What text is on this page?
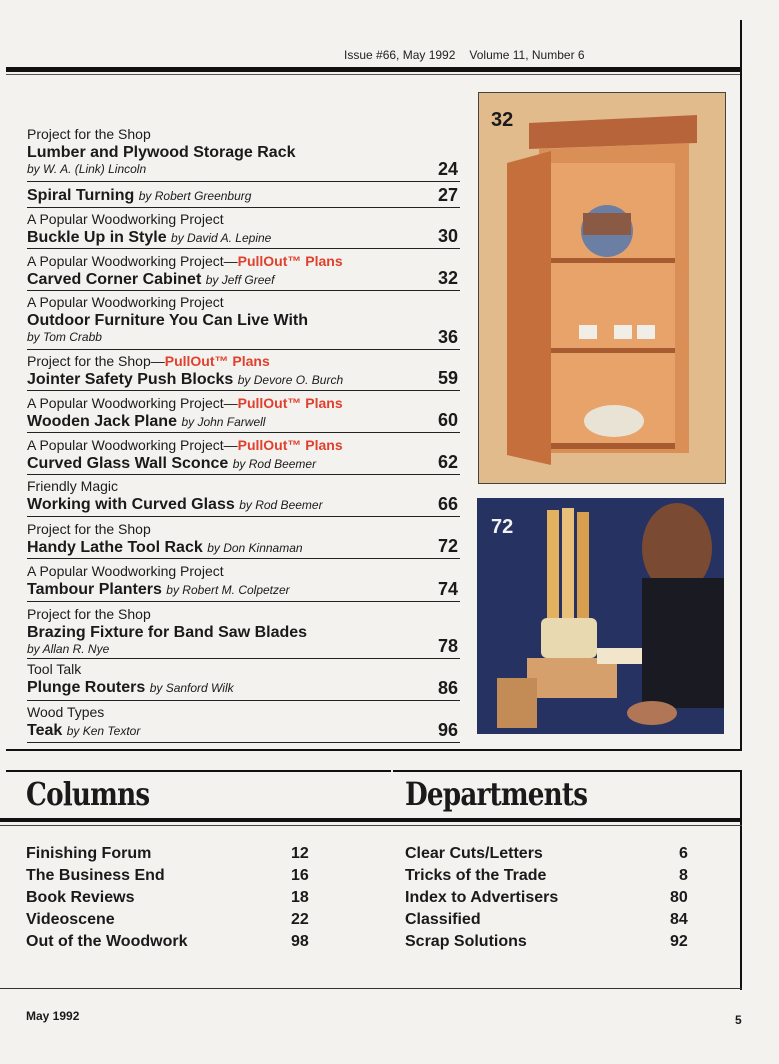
Issue #66, May 1992 Volume 11, Number 6
Project for the Shop
Lumber and Plywood Storage Rack
by W. A. (Link) Lincoln	24
Spiral Turning by Robert Greenburg	27
A Popular Woodworking Project
Buckle Up in Style by David A. Lepine	30
A Popular Woodworking Project—PullOut™ Plans
Carved Corner Cabinet by Jeff Greef	32
A Popular Woodworking Project
Outdoor Furniture You Can Live With
by Tom Crabb	36
Project for the Shop—PullOut™ Plans
Jointer Safety Push Blocks by Devore O. Burch	59
A Popular Woodworking Project—PullOut™ Plans
Wooden Jack Plane by John Farwell	60
A Popular Woodworking Project—PullOut™ Plans
Curved Glass Wall Sconce by Rod Beemer	62
Friendly Magic
Working with Curved Glass by Rod Beemer	66
Project for the Shop
Handy Lathe Tool Rack by Don Kinnaman	72
A Popular Woodworking Project
Tambour Planters by Robert M. Colpetzer	74
Project for the Shop
Brazing Fixture for Band Saw Blades
by Allan R. Nye	78
Tool Talk
Plunge Routers by Sanford Wilk	86
Wood Types
Teak by Ken Textor	96
32
72
Columns	Departments
Finishing Forum	12
The Business End	16
Book Reviews	18
Videoscene	22
Out of the Woodwork	98
Clear Cuts/Letters	6
Tricks of the Trade	8
Index to Advertisers	80
Classified	84
Scrap Solutions	92
May 1992	5
